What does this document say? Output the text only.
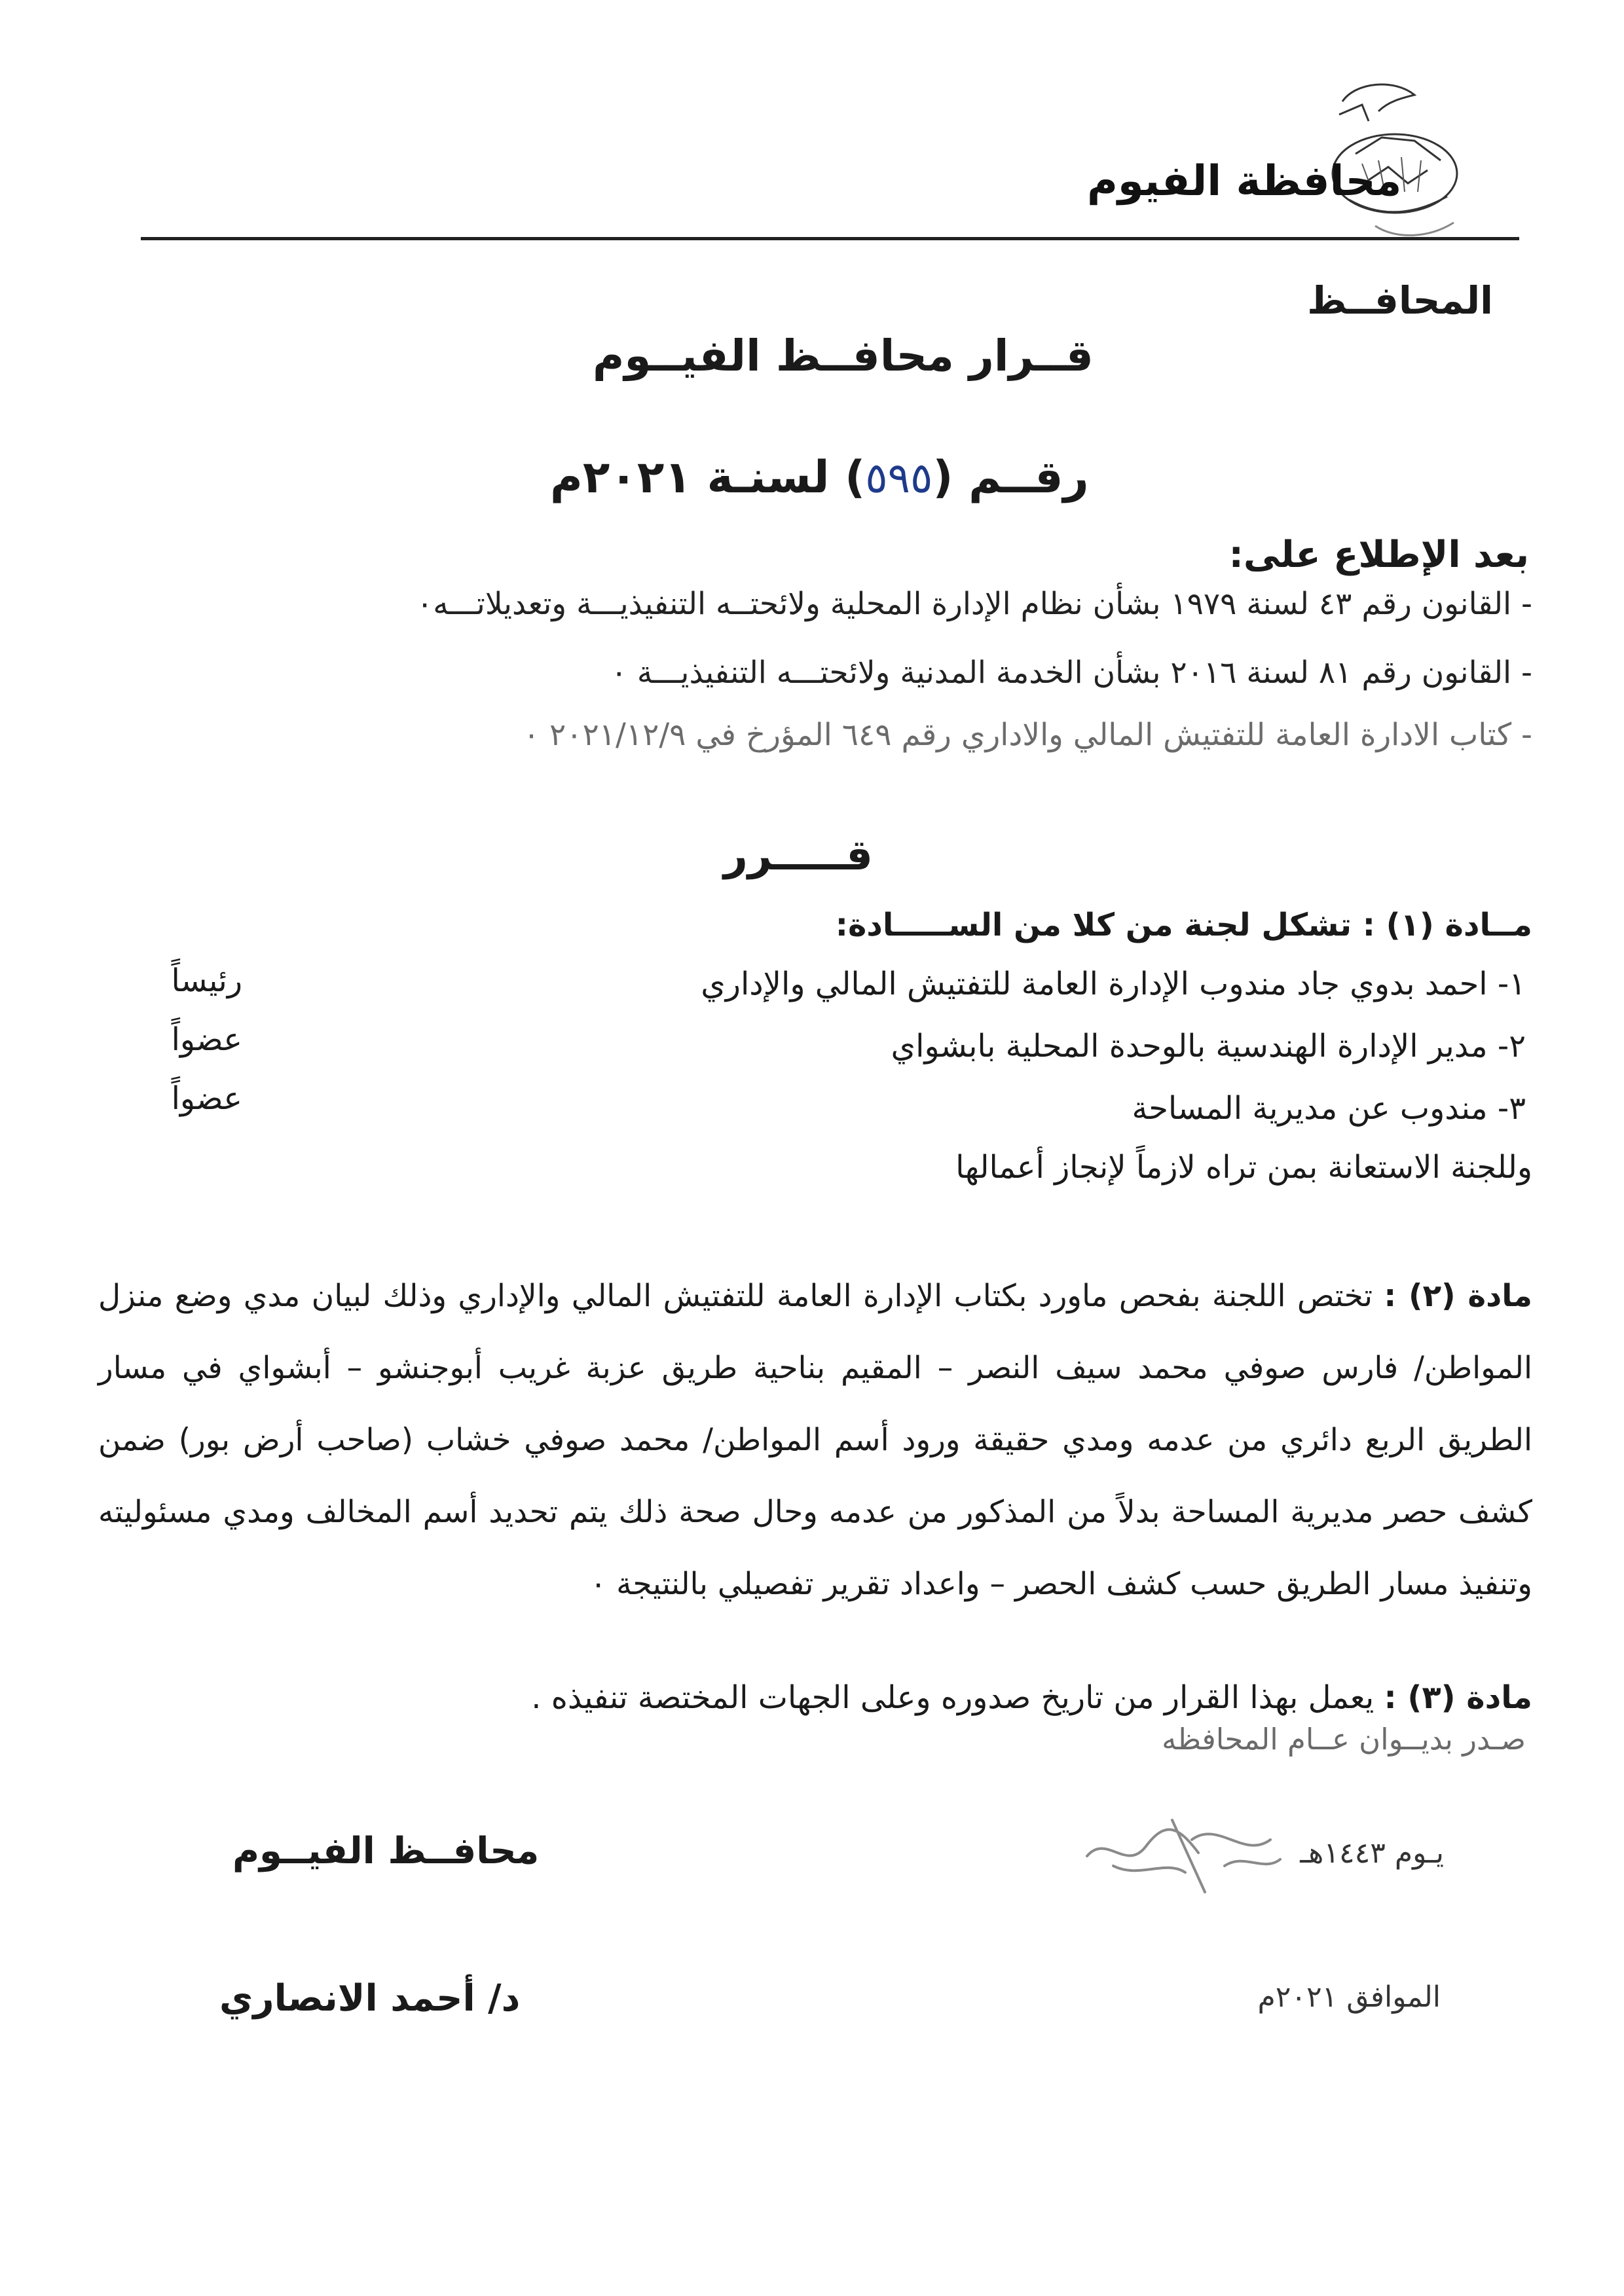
محافظة الفيوم
المحافــظ
قــرار محافــظ الفيــوم
رقــم (٥٩٥) لسنـة ٢٠٢١م
بعد الإطلاع على:
- القانون رقم ٤٣ لسنة ١٩٧٩ بشأن نظام الإدارة المحلية ولائحتــه التنفيذيـــة وتعديلاتـــه٠
- القانون رقم ٨١ لسنة ٢٠١٦ بشأن الخدمة المدنية ولائحتـــه التنفيذيـــة ٠
- كتاب الادارة العامة للتفتيش المالي والاداري رقم ٦٤٩ المؤرخ في ٢٠٢١/١٢/٩ ٠
قـــــرر
مــادة (١) : تشكل لجنة من كلا من الســـــادة:
١- احمد بدوي جاد مندوب الإدارة العامة للتفتيش المالي والإداري
رئيساً
٢- مدير الإدارة الهندسية بالوحدة المحلية بابشواي
عضواً
٣- مندوب عن مديرية المساحة
عضواً
وللجنة الاستعانة بمن تراه لازماً لإنجاز أعمالها
مادة (٢) : تختص اللجنة بفحص ماورد بكتاب الإدارة العامة للتفتيش المالي والإداري وذلك لبيان مدي وضع منزل المواطن/ فارس صوفي محمد سيف النصر – المقيم بناحية طريق عزبة غريب أبوجنشو – أبشواي في مسار الطريق الربع دائري من عدمه ومدي حقيقة ورود أسم المواطن/ محمد صوفي خشاب (صاحب أرض بور) ضمن كشف حصر مديرية المساحة بدلاً من المذكور من عدمه وحال صحة ذلك يتم تحديد أسم المخالف ومدي مسئوليته وتنفيذ مسار الطريق حسب كشف الحصر – واعداد تقرير تفصيلي بالنتيجة ٠
مادة (٣) : يعمل بهذا القرار من تاريخ صدوره وعلى الجهات المختصة تنفيذه .
صـدر بديــوان عــام المحافظه
محافــظ الفيــوم
د/ أحمد الانصاري
يـوم ١٤٤٣هـ
الموافق ٢٠٢١م
